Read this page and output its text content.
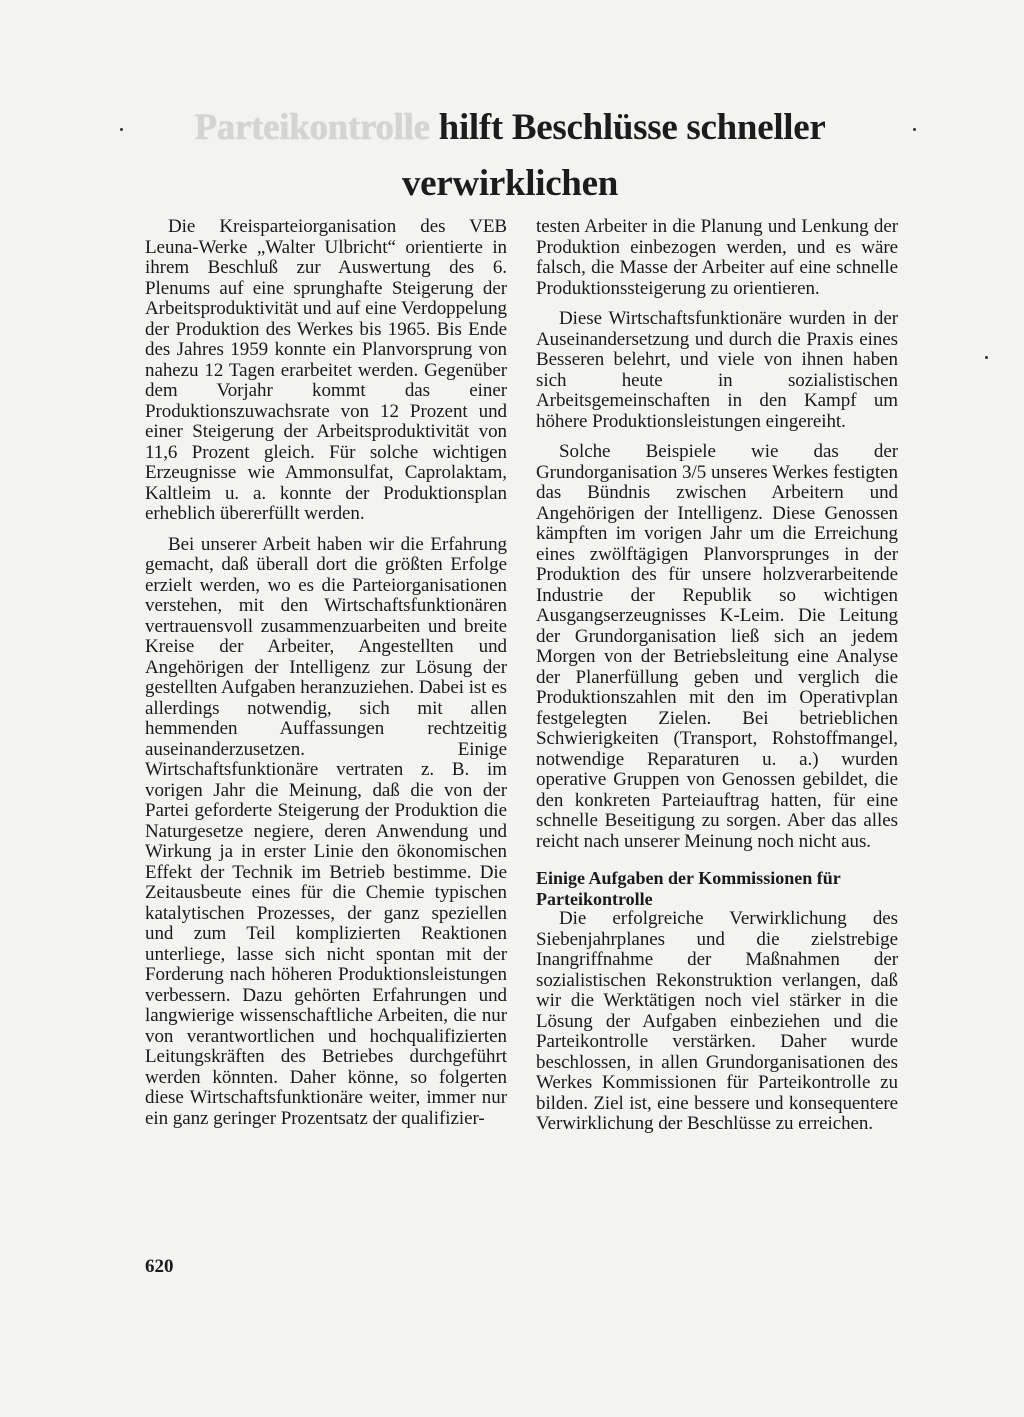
Parteikontrolle hilft Beschlüsse schneller
verwirklichen

Die Kreisparteiorganisation des VEB Leuna-Werke „Walter Ulbricht“ orientierte in ihrem Beschluß zur Auswertung des 6. Plenums auf eine sprunghafte Steigerung der Arbeitsproduktivität und auf eine Verdoppelung der Produktion des Werkes bis 1965. Bis Ende des Jahres 1959 konnte ein Planvorsprung von nahezu 12 Tagen erarbeitet werden. Gegenüber dem Vorjahr kommt das einer Produktionszuwachsrate von 12 Prozent und einer Steigerung der Arbeitsproduktivität von 11,6 Prozent gleich. Für solche wichtigen Erzeugnisse wie Ammonsulfat, Caprolaktam, Kaltleim u. a. konnte der Produktionsplan erheblich übererfüllt werden.

Bei unserer Arbeit haben wir die Erfahrung gemacht, daß überall dort die größten Erfolge erzielt werden, wo es die Parteiorganisationen verstehen, mit den Wirtschaftsfunktionären vertrauensvoll zusammenzuarbeiten und breite Kreise der Arbeiter, Angestellten und Angehörigen der Intelligenz zur Lösung der gestellten Aufgaben heranzuziehen. Dabei ist es allerdings notwendig, sich mit allen hemmenden Auffassungen rechtzeitig auseinanderzusetzen. Einige Wirtschaftsfunktionäre vertraten z. B. im vorigen Jahr die Meinung, daß die von der Partei geforderte Steigerung der Produktion die Naturgesetze negiere, deren Anwendung und Wirkung ja in erster Linie den ökonomischen Effekt der Technik im Betrieb bestimme. Die Zeitausbeute eines für die Chemie typischen katalytischen Prozesses, der ganz speziellen und zum Teil komplizierten Reaktionen unterliege, lasse sich nicht spontan mit der Forderung nach höheren Produktionsleistungen verbessern. Dazu gehörten Erfahrungen und langwierige wissenschaftliche Arbeiten, die nur von verantwortlichen und hochqualifizierten Leitungskräften des Betriebes durchgeführt werden könnten. Daher könne, so folgerten diese Wirtschaftsfunktionäre weiter, immer nur ein ganz geringer Prozentsatz der qualifizier-

testen Arbeiter in die Planung und Lenkung der Produktion einbezogen werden, und es wäre falsch, die Masse der Arbeiter auf eine schnelle Produktionssteigerung zu orientieren.

Diese Wirtschaftsfunktionäre wurden in der Auseinandersetzung und durch die Praxis eines Besseren belehrt, und viele von ihnen haben sich heute in sozialistischen Arbeitsgemeinschaften in den Kampf um höhere Produktionsleistungen eingereiht.

Solche Beispiele wie das der Grundorganisation 3/5 unseres Werkes festigten das Bündnis zwischen Arbeitern und Angehörigen der Intelligenz. Diese Genossen kämpften im vorigen Jahr um die Erreichung eines zwölftägigen Planvorsprunges in der Produktion des für unsere holzverarbeitende Industrie der Republik so wichtigen Ausgangserzeugnisses K-Leim. Die Leitung der Grundorganisation ließ sich an jedem Morgen von der Betriebsleitung eine Analyse der Planerfüllung geben und verglich die Produktionszahlen mit den im Operativplan festgelegten Zielen. Bei betrieblichen Schwierigkeiten (Transport, Rohstoffmangel, notwendige Reparaturen u. a.) wurden operative Gruppen von Genossen gebildet, die den konkreten Parteiauftrag hatten, für eine schnelle Beseitigung zu sorgen. Aber das alles reicht nach unserer Meinung noch nicht aus.

Einige Aufgaben der Kommissionen für Parteikontrolle

Die erfolgreiche Verwirklichung des Siebenjahrplanes und die zielstrebige Inangriffnahme der Maßnahmen der sozialistischen Rekonstruktion verlangen, daß wir die Werktätigen noch viel stärker in die Lösung der Aufgaben einbeziehen und die Parteikontrolle verstärken. Daher wurde beschlossen, in allen Grundorganisationen des Werkes Kommissionen für Parteikontrolle zu bilden. Ziel ist, eine bessere und konsequentere Verwirklichung der Beschlüsse zu erreichen.

620
